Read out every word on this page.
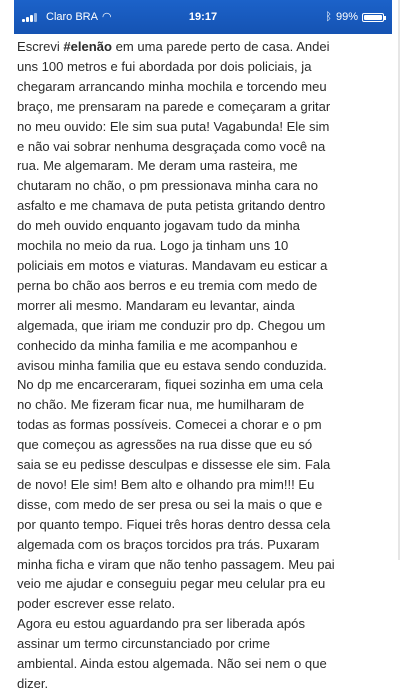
Claro BRA ◠	19:17	ᛒ 99%
Escrevi #elenão em uma parede perto de casa. Andei
uns 100 metros e fui abordada por dois policiais, ja
chegaram arrancando minha mochila e torcendo meu
braço, me prensaram na parede e começaram a gritar
no meu ouvido: Ele sim sua puta! Vagabunda! Ele sim
e não vai sobrar nenhuma desgraçada como você na
rua. Me algemaram. Me deram uma rasteira, me
chutaram no chão, o pm pressionava minha cara no
asfalto e me chamava de puta petista gritando dentro
do meh ouvido enquanto jogavam tudo da minha
mochila no meio da rua. Logo ja tinham uns 10
policiais em motos e viaturas. Mandavam eu esticar a
perna bo chão aos berros e eu tremia com medo de
morrer ali mesmo. Mandaram eu levantar, ainda
algemada, que iriam me conduzir pro dp. Chegou um
conhecido da minha familia e me acompanhou e
avisou minha familia que eu estava sendo conduzida.
No dp me encarceraram, fiquei sozinha em uma cela
no chão. Me fizeram ficar nua, me humilharam de
todas as formas possíveis. Comecei a chorar e o pm
que começou as agressões na rua disse que eu só
saia se eu pedisse desculpas e dissesse ele sim. Fala
de novo! Ele sim! Bem alto e olhando pra mim!!! Eu
disse, com medo de ser presa ou sei la mais o que e
por quanto tempo. Fiquei três horas dentro dessa cela
algemada com os braços torcidos pra trás. Puxaram
minha ficha e viram que não tenho passagem. Meu pai
veio me ajudar e conseguiu pegar meu celular pra eu
poder escrever esse relato.
Agora eu estou aguardando pra ser liberada após
assinar um termo circunstanciado por crime
ambiental. Ainda estou algemada. Não sei nem o que
dizer.
